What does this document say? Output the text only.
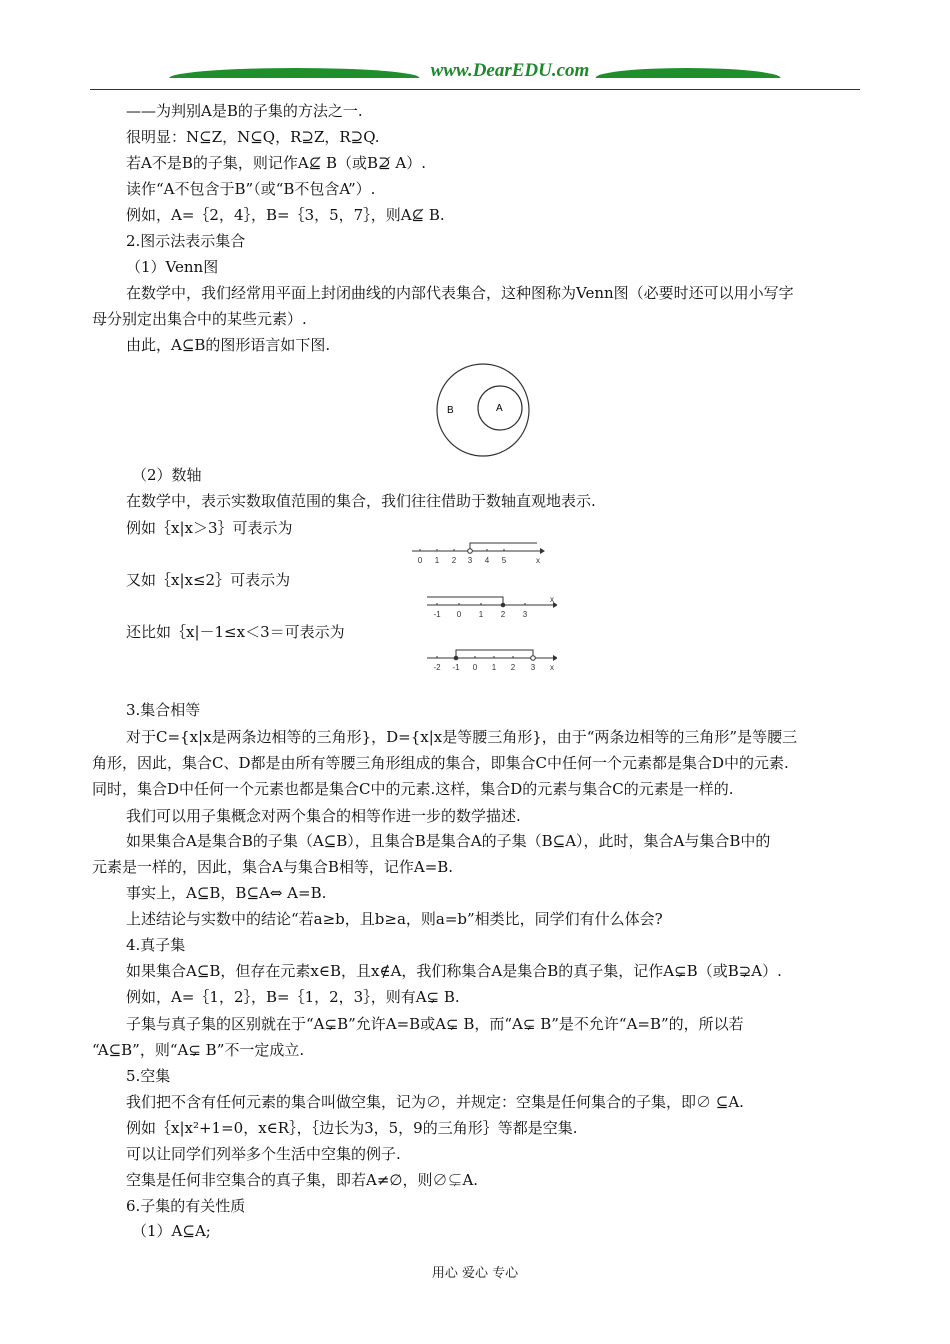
www.DearEDU.com
——为判别A是B的子集的方法之一.
很明显：N⊆Z，N⊆Q，R⊇Z，R⊇Q.
若A不是B的子集，则记作A⊈ B（或B⊉ A）.
读作“A不包含于B”（或“B不包含A”）.
例如，A=｛2，4｝，B=｛3，5，7｝，则A⊈ B.
2.图示法表示集合
（1）Venn图
在数学中，我们经常用平面上封闭曲线的内部代表集合，这种图称为Venn图（必要时还可以用小写字
母分别定出集合中的某些元素）.
由此，A⊆B的图形语言如下图.
B	A
（2）数轴
在数学中，表示实数取值范围的集合，我们往往借助于数轴直观地表示.
例如｛x|x＞3｝可表示为
0 1 2 3 4 5	x
又如｛x|x≤2｝可表示为
-1 0 1 2 3
x
还比如｛x|－1≤x＜3＝可表示为
-2 -1 0 1 2 3 x
3.集合相等
对于C={x|x是两条边相等的三角形}，D={x|x是等腰三角形}，由于“两条边相等的三角形”是等腰三
角形，因此，集合C、D都是由所有等腰三角形组成的集合，即集合C中任何一个元素都是集合D中的元素.
同时，集合D中任何一个元素也都是集合C中的元素.这样，集合D的元素与集合C的元素是一样的.
我们可以用子集概念对两个集合的相等作进一步的数学描述.
如果集合A是集合B的子集（A⊆B），且集合B是集合A的子集（B⊆A），此时，集合A与集合B中的
元素是一样的，因此，集合A与集合B相等，记作A=B.
事实上，A⊆B，B⊆A⇔ A=B.
上述结论与实数中的结论“若a≥b，且b≥a，则a=b”相类比，同学们有什么体会?
4.真子集
如果集合A⊆B，但存在元素x∈B，且x∉A，我们称集合A是集合B的真子集，记作A⊊B（或B⊋A）.
例如，A=｛1，2｝，B=｛1，2，3｝，则有A⊊ B.
子集与真子集的区别就在于“A⊊B”允许A=B或A⊊ B，而“A⊊ B”是不允许“A=B”的，所以若
“A⊆B”，则“A⊊ B”不一定成立.
5.空集
我们把不含有任何元素的集合叫做空集，记为∅，并规定：空集是任何集合的子集，即∅ ⊆A.
例如｛x|x²+1=0，x∈R｝，｛边长为3，5，9的三角形｝等都是空集.
可以让同学们列举多个生活中空集的例子.
空集是任何非空集合的真子集，即若A≠∅，则∅⊊A.
6.子集的有关性质
（1）A⊆A;
用心 爱心 专心
